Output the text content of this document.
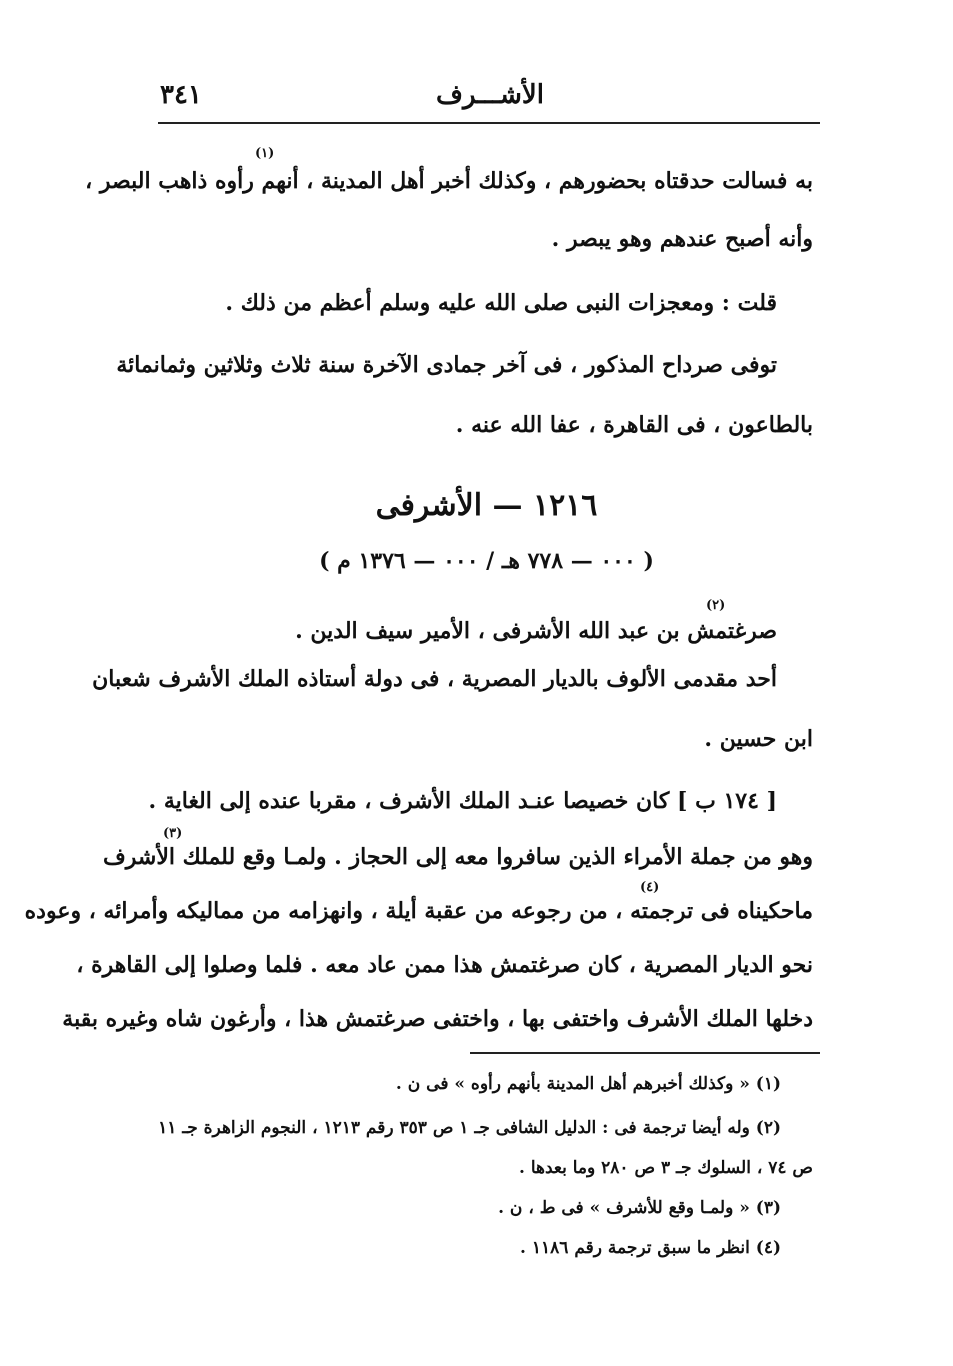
الأشـــرف
٣٤١
به فسالت حدقتاه بحضورهم ، وكذلك أخبر أهل المدينة ، أنهم رأوه ذاهب البصر ،
(١)
وأنه أصبح عندهم وهو يبصر .
قلت : ومعجزات النبى صلى الله عليه وسلم أعظم من ذلك .
توفى صرداح المذكور ، فى آخر جمادى الآخرة سنة ثلاث وثلاثين وثمانمائة
بالطاعون ، فى القاهرة ، عفا الله عنه .
١٢١٦ — الأشرفى
( ٠٠٠ — ٧٧٨ هـ / ٠٠٠ — ١٣٧٦ م )
صرغتمش بن عبد الله الأشرفى ، الأمير سيف الدين .
(٢)
أحد مقدمى الألوف بالديار المصرية ، فى دولة أستاذه الملك الأشرف شعبان
ابن حسين .
[ ١٧٤ ب ] كان خصيصا عنـد الملك الأشرف ، مقربا عنده إلى الغاية .
وهو من جملة الأمراء الذين سافروا معه إلى الحجاز . ولمـا وقع للملك الأشرف
(٣)
ماحكيناه فى ترجمته ، من رجوعه من عقبة أيلة ، وانهزامه من مماليكه وأمرائه ، وعوده
(٤)
نحو الديار المصرية ، كان صرغتمش هذا ممن عاد معه . فلما وصلوا إلى القاهرة ،
دخلها الملك الأشرف واختفى بها ، واختفى صرغتمش هذا ، وأرغون شاه وغيره بقبة
(١) « وكذلك أخبرهم أهل المدينة بأنهم رأوه » فى ن .
(٢) وله أيضا ترجمة فى : الدليل الشافى جـ ١ ص ٣٥٣ رقم ١٢١٣ ، النجوم الزاهرة جـ ١١
ص ٧٤ ، السلوك جـ ٣ ص ٢٨٠ وما بعدها .
(٣) « ولمـا وقع للأشرف » فى ط ، ن .
(٤) انظر ما سبق ترجمة رقم ١١٨٦ .
